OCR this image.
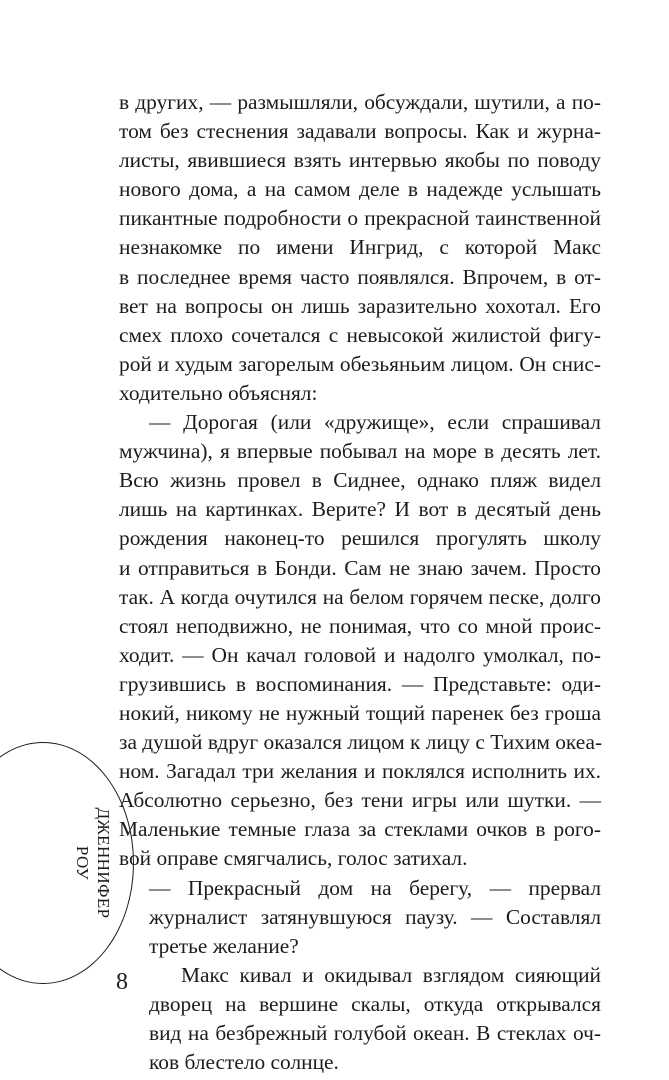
в других, — размышляли, обсуждали, шутили, а по-
том без стеснения задавали вопросы. Как и журна-
листы, явившиеся взять интервью якобы по поводу
нового дома, а на самом деле в надежде услышать
пикантные подробности о прекрасной таинственной
незнакомке по имени Ингрид, с которой Макс
в последнее время часто появлялся. Впрочем, в от-
вет на вопросы он лишь заразительно хохотал. Его
смех плохо сочетался с невысокой жилистой фигу-
рой и худым загорелым обезьяньим лицом. Он снис-
ходительно объяснял:
— Дорогая (или «дружище», если спрашивал
мужчина), я впервые побывал на море в десять лет.
Всю жизнь провел в Сиднее, однако пляж видел
лишь на картинках. Верите? И вот в десятый день
рождения наконец-то решился прогулять школу
и отправиться в Бонди. Сам не знаю зачем. Просто
так. А когда очутился на белом горячем песке, долго
стоял неподвижно, не понимая, что со мной проис-
ходит. — Он качал головой и надолго умолкал, по-
грузившись в воспоминания. — Представьте: оди-
нокий, никому не нужный тощий паренек без гроша
за душой вдруг оказался лицом к лицу с Тихим океа-
ном. Загадал три желания и поклялся исполнить их.
Абсолютно серьезно, без тени игры или шутки. —
Маленькие темные глаза за стеклами очков в рого-
вой оправе смягчались, голос затихал.
— Прекрасный дом на берегу, — прервал
журналист затянувшуюся паузу. — Составлял
третье желание?
Макс кивал и окидывал взглядом сияющий
дворец на вершине скалы, откуда открывался
вид на безбрежный голубой океан. В стеклах оч-
ков блестело солнце.
ДЖЕННИФЕР
РОУ
8
